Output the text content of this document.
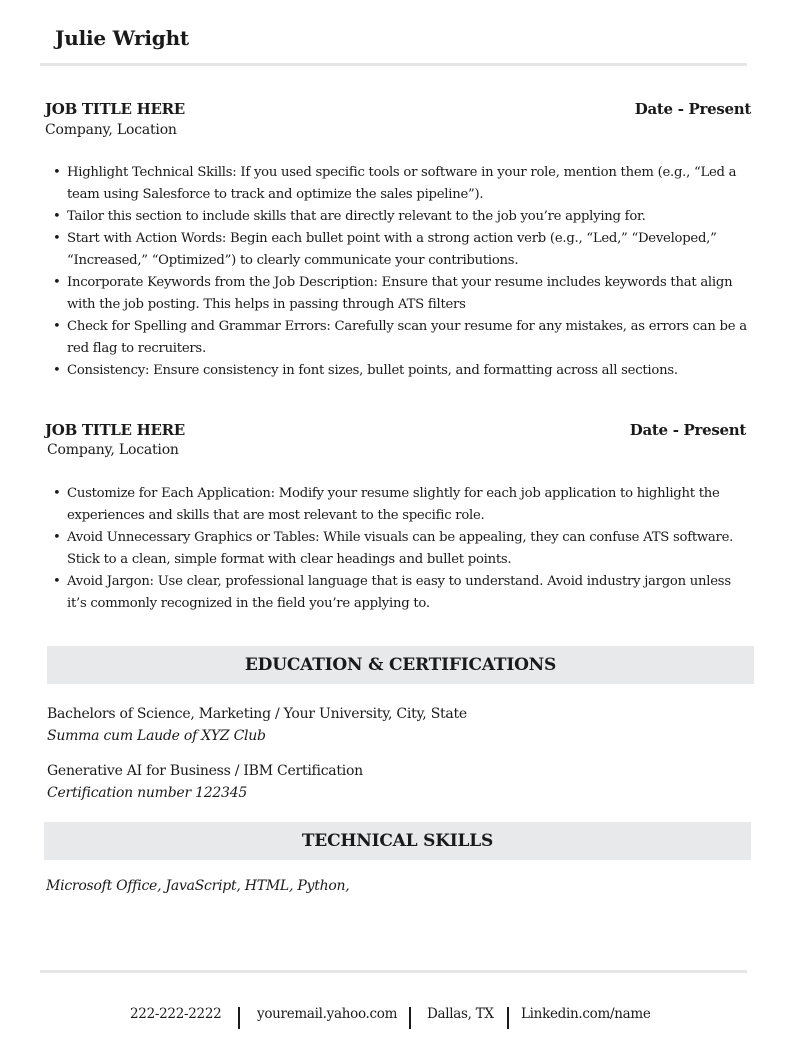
Julie Wright
JOB TITLE HERE	Date - Present
Company, Location
• Highlight Technical Skills: If you used specific tools or software in your role, mention them (e.g., “Led a team using Salesforce to track and optimize the sales pipeline”).
• Tailor this section to include skills that are directly relevant to the job you’re applying for.
• Start with Action Words: Begin each bullet point with a strong action verb (e.g., “Led,” “Developed,” “Increased,” “Optimized”) to clearly communicate your contributions.
• Incorporate Keywords from the Job Description: Ensure that your resume includes keywords that align with the job posting. This helps in passing through ATS filters
• Check for Spelling and Grammar Errors: Carefully scan your resume for any mistakes, as errors can be a red flag to recruiters.
• Consistency: Ensure consistency in font sizes, bullet points, and formatting across all sections.
JOB TITLE HERE	Date - Present
Company, Location
• Customize for Each Application: Modify your resume slightly for each job application to highlight the experiences and skills that are most relevant to the specific role.
• Avoid Unnecessary Graphics or Tables: While visuals can be appealing, they can confuse ATS software. Stick to a clean, simple format with clear headings and bullet points.
• Avoid Jargon: Use clear, professional language that is easy to understand. Avoid industry jargon unless it’s commonly recognized in the field you’re applying to.
EDUCATION & CERTIFICATIONS
Bachelors of Science, Marketing / Your University, City, State
Summa cum Laude of XYZ Club
Generative AI for Business / IBM Certification
Certification number 122345
TECHNICAL SKILLS
Microsoft Office, JavaScript, HTML, Python,
222-222-2222	youremail.yahoo.com Dallas, TX Linkedin.com/name
